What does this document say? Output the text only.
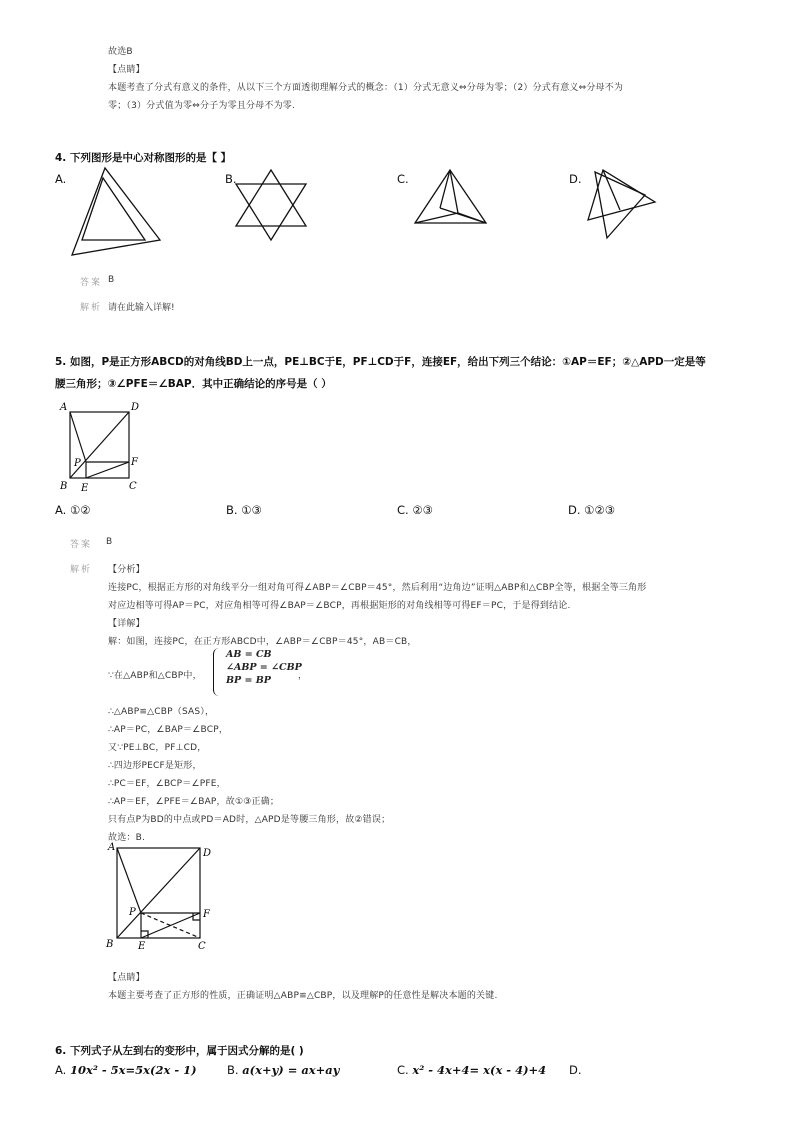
故选B
【点睛】
本题考查了分式有意义的条件，从以下三个方面透彻理解分式的概念：（1）分式无意义⇔分母为零；（2）分式有意义⇔分母不为
零；（3）分式值为零⇔分子为零且分母不为零.
4. 下列图形是中心对称图形的是【 】
A.	B.	C.	D.
答案 B
解析 请在此输入详解!
5. 如图，P是正方形ABCD的对角线BD上一点，PE⊥BC于E，PF⊥CD于F，连接EF，给出下列三个结论：①AP＝EF；②△APD一定是等
腰三角形；③∠PFE＝∠BAP．其中正确结论的序号是（ ）
A	D
P	F
B E	C
A. ①②	B. ①③	C. ②③	D. ①②③
答案 B
解析 【分析】
连接PC，根据正方形的对角线平分一组对角可得∠ABP＝∠CBP＝45°，然后利用“边角边”证明△ABP和△CBP全等，根据全等三角形
对应边相等可得AP＝PC，对应角相等可得∠BAP＝∠BCP，再根据矩形的对角线相等可得EF＝PC，于是得到结论.
【详解】
解：如图，连接PC，在正方形ABCD中，∠ABP＝∠CBP＝45°，AB＝CB，
∵在△ABP和△CBP中，
AB = CB
∠ABP = ∠CBP
BP = BP	，
∴△ABP≌△CBP（SAS），
∴AP＝PC，∠BAP＝∠BCP，
又∵PE⊥BC，PF⊥CD，
∴四边形PECF是矩形，
∴PC＝EF，∠BCP＝∠PFE，
∴AP＝EF，∠PFE＝∠BAP，故①③正确；
只有点P为BD的中点或PD＝AD时，△APD是等腰三角形，故②错误；
故选：B.
A
D
P	F
B E	C
【点睛】
本题主要考查了正方形的性质，正确证明△ABP≌△CBP，以及理解P的任意性是解决本题的关键.
6. 下列式子从左到右的变形中，属于因式分解的是( )
A. 10x² - 5x=5x(2x - 1)	B. a(x+y) = ax+ay	C. x² - 4x+4= x(x - 4)+4 D.
